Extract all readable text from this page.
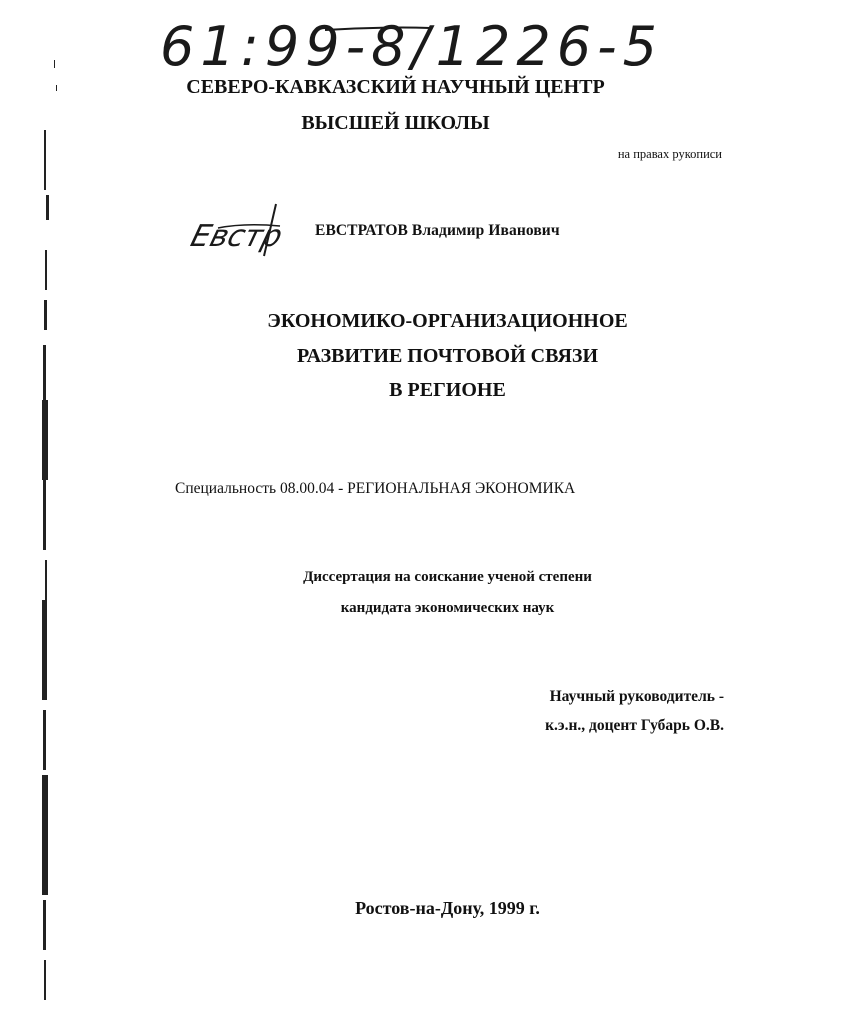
61:99-8/1226-5
СЕВЕРО-КАВКАЗСКИЙ НАУЧНЫЙ ЦЕНТР
ВЫСШЕЙ ШКОЛЫ
на правах рукописи
Евстр ЕВСТРАТОВ Владимир Иванович
ЭКОНОМИКО-ОРГАНИЗАЦИОННОЕ
РАЗВИТИЕ ПОЧТОВОЙ СВЯЗИ
В РЕГИОНЕ
Специальность 08.00.04 - РЕГИОНАЛЬНАЯ ЭКОНОМИКА
Диссертация на соискание ученой степени
кандидата экономических наук
Научный руководитель -
к.э.н., доцент Губарь О.В.
Ростов-на-Дону, 1999 г.
